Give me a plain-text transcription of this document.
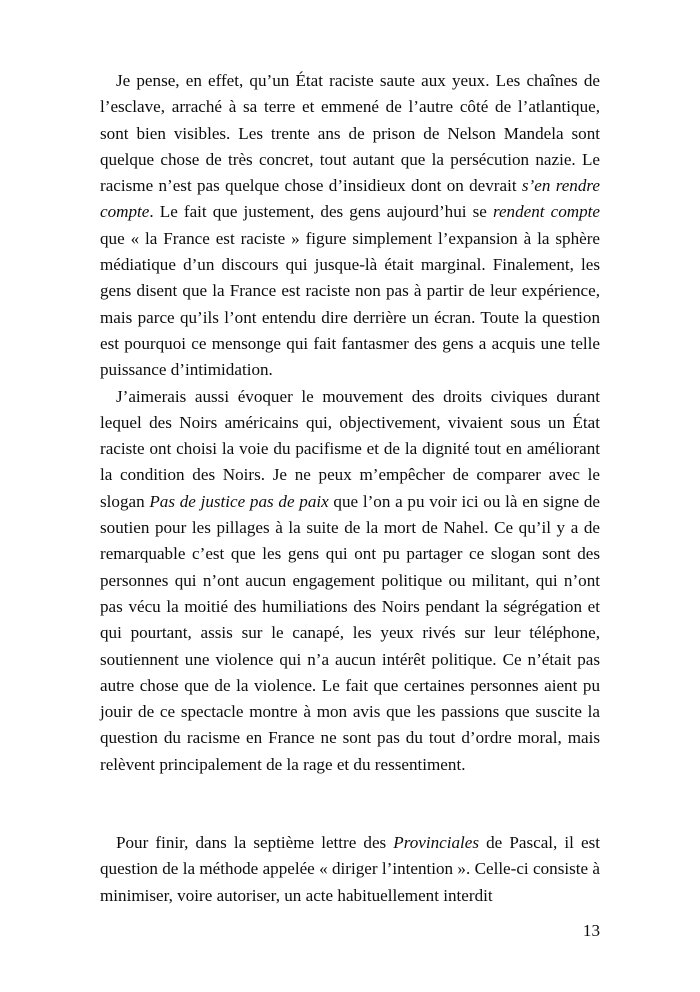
Je pense, en effet, qu’un État raciste saute aux yeux. Les chaînes de l’esclave, arraché à sa terre et emmené de l’autre côté de l’atlantique, sont bien visibles. Les trente ans de prison de Nelson Mandela sont quelque chose de très concret, tout autant que la persécution nazie. Le racisme n’est pas quelque chose d’insidieux dont on devrait s’en rendre compte. Le fait que justement, des gens aujourd’hui se rendent compte que « la France est raciste » figure simplement l’expansion à la sphère médiatique d’un discours qui jusque-là était marginal. Finalement, les gens disent que la France est raciste non pas à partir de leur expérience, mais parce qu’ils l’ont entendu dire derrière un écran. Toute la question est pourquoi ce mensonge qui fait fantasmer des gens a acquis une telle puissance d’intimidation.

J’aimerais aussi évoquer le mouvement des droits civiques durant lequel des Noirs américains qui, objectivement, vivaient sous un État raciste ont choisi la voie du pacifisme et de la dignité tout en améliorant la condition des Noirs. Je ne peux m’empêcher de comparer avec le slogan Pas de justice pas de paix que l’on a pu voir ici ou là en signe de soutien pour les pillages à la suite de la mort de Nahel. Ce qu’il y a de remarquable c’est que les gens qui ont pu partager ce slogan sont des personnes qui n’ont aucun engagement politique ou militant, qui n’ont pas vécu la moitié des humiliations des Noirs pendant la ségrégation et qui pourtant, assis sur le canapé, les yeux rivés sur leur téléphone, soutiennent une violence qui n’a aucun intérêt politique. Ce n’était pas autre chose que de la violence. Le fait que certaines personnes aient pu jouir de ce spectacle montre à mon avis que les passions que suscite la question du racisme en France ne sont pas du tout d’ordre moral, mais relèvent principalement de la rage et du ressentiment.

Pour finir, dans la septième lettre des Provinciales de Pascal, il est question de la méthode appelée « diriger l’intention ». Celle-ci consiste à minimiser, voire autoriser, un acte habituellement interdit

13
